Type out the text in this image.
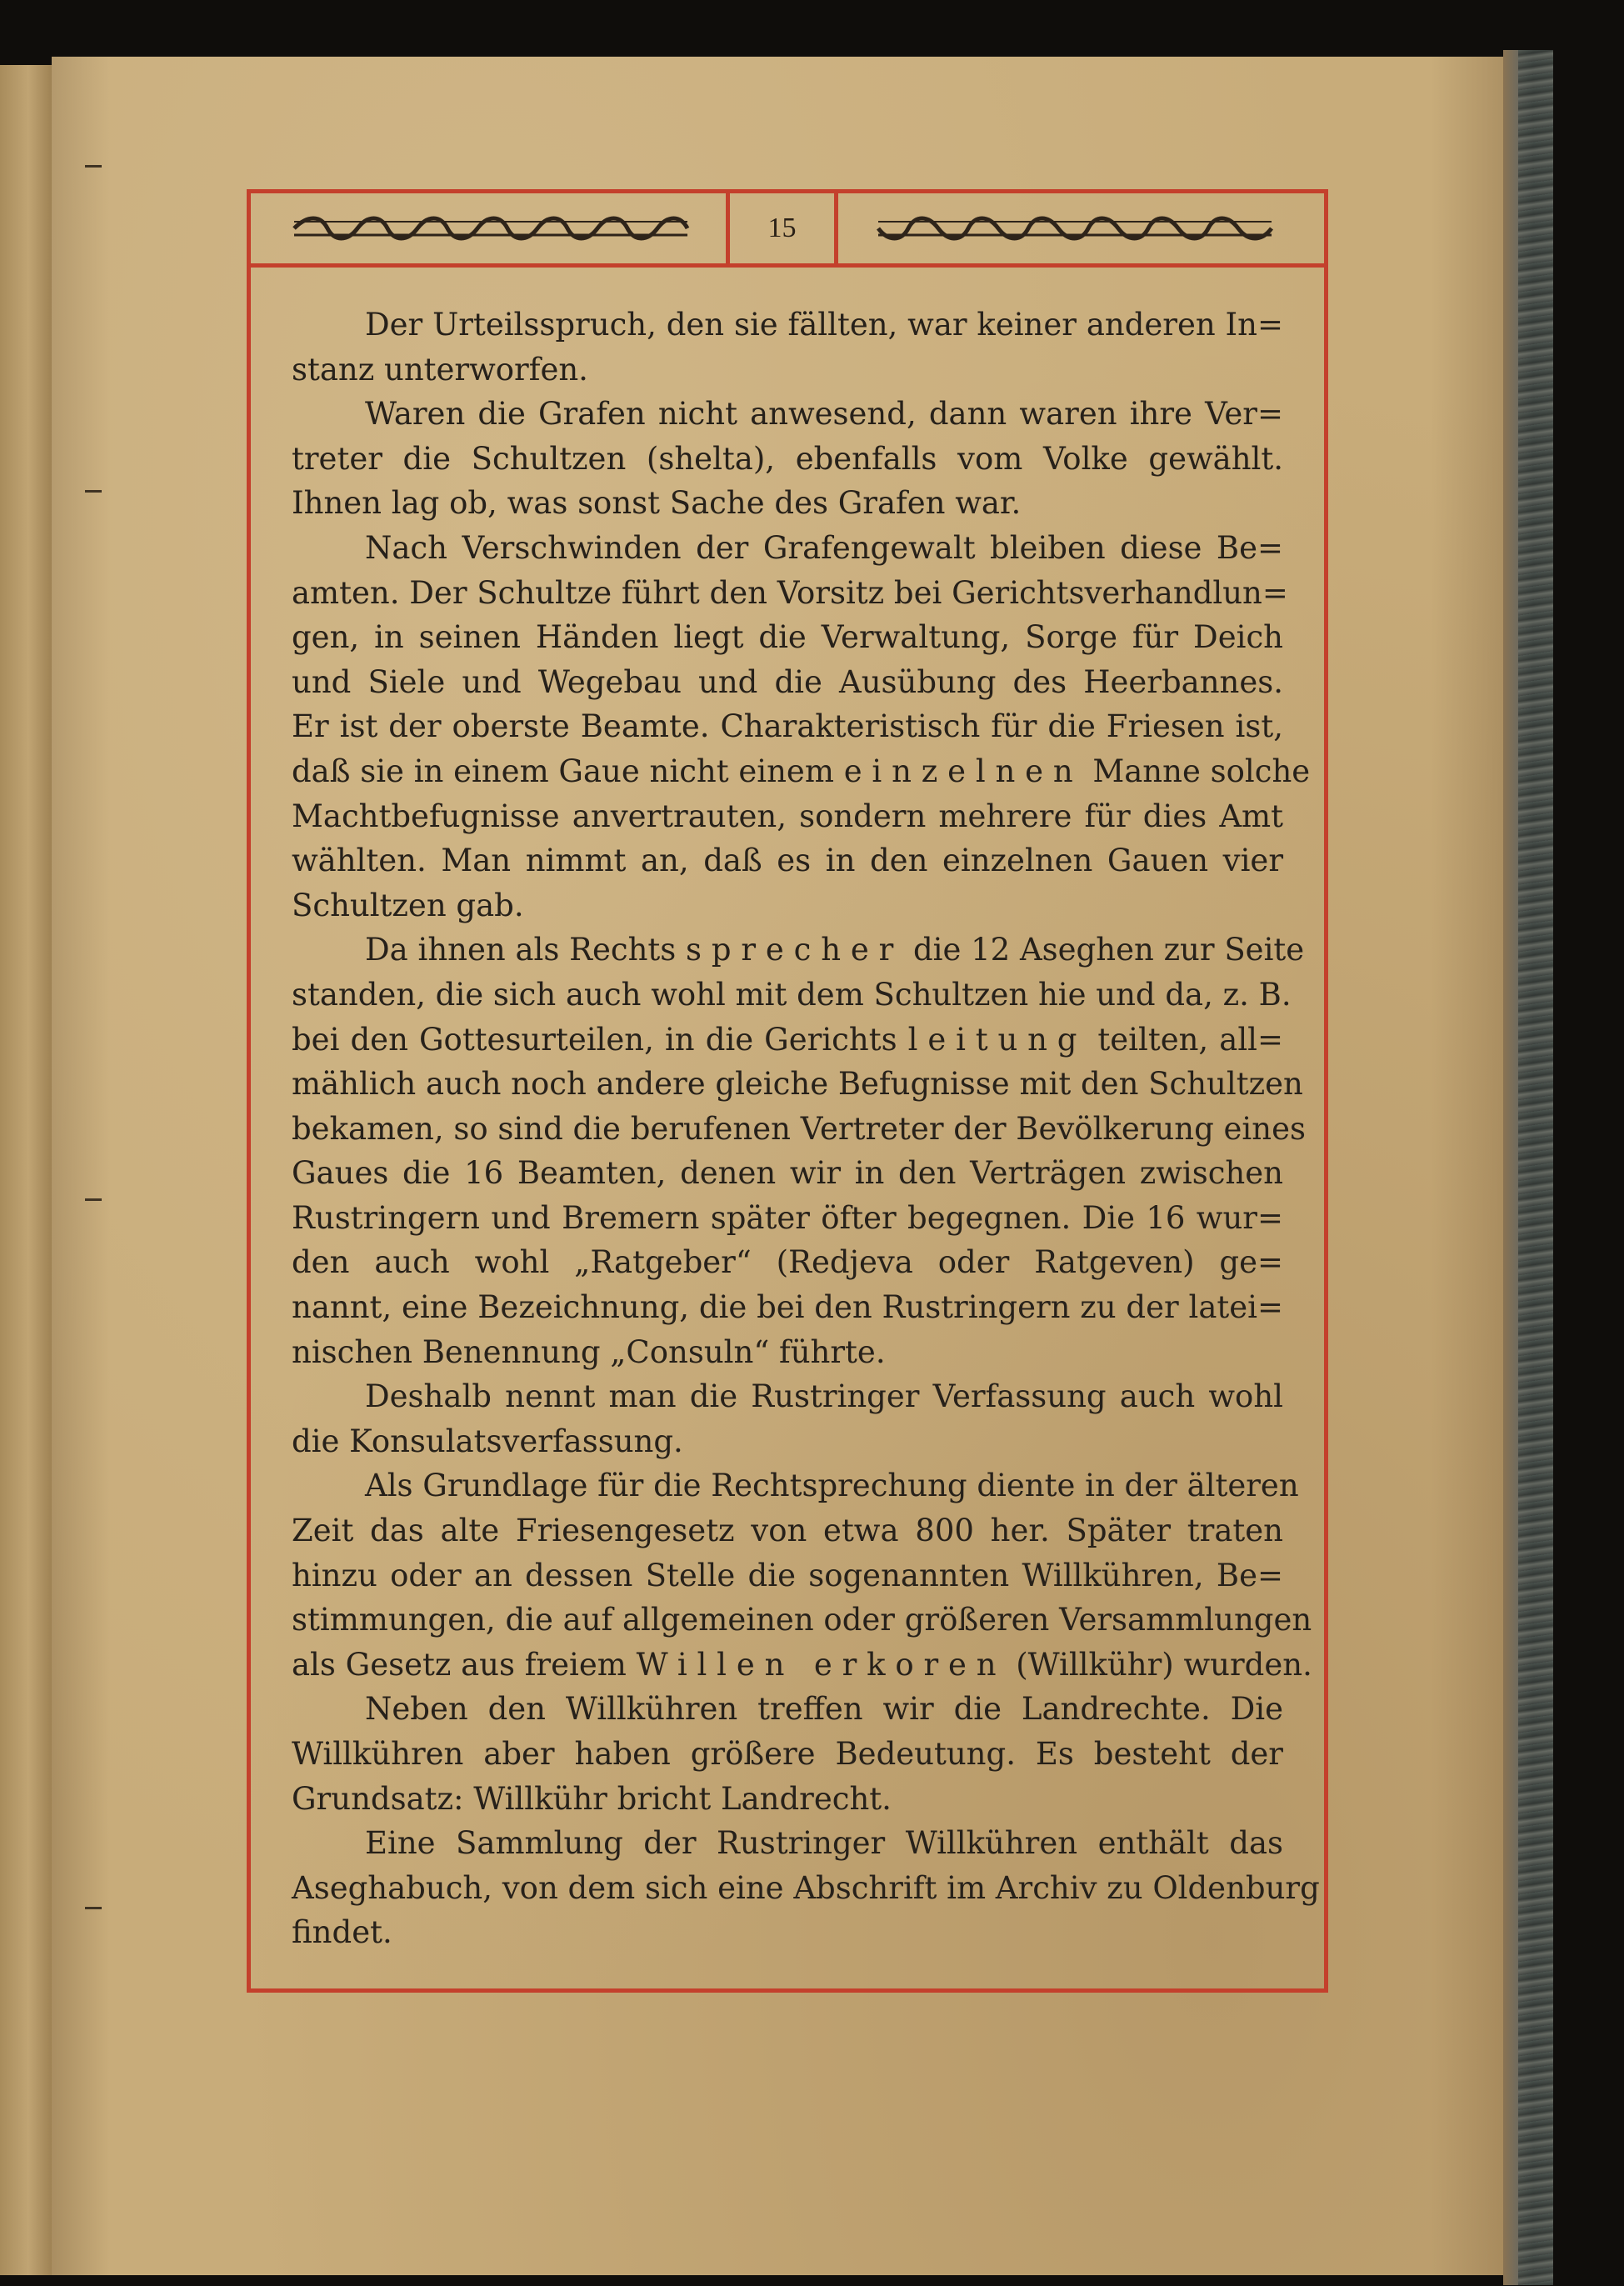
15
Der Urteilsspruch, den sie fällten, war keiner anderen In=
stanz unterworfen.
Waren die Grafen nicht anwesend, dann waren ihre Ver=
treter die Schultzen (shelta), ebenfalls vom Volke gewählt.
Ihnen lag ob, was sonst Sache des Grafen war.
Nach Verschwinden der Grafengewalt bleiben diese Be=
amten. Der Schultze führt den Vorsitz bei Gerichtsverhandlun=
gen, in seinen Händen liegt die Verwaltung, Sorge für Deich
und Siele und Wegebau und die Ausübung des Heerbannes.
Er ist der oberste Beamte. Charakteristisch für die Friesen ist,
daß sie in einem Gaue nicht einem einzelnen Manne solche
Machtbefugnisse anvertrauten, sondern mehrere für dies Amt
wählten. Man nimmt an, daß es in den einzelnen Gauen vier
Schultzen gab.
Da ihnen als Rechts sprecher die 12 Aseghen zur Seite
standen, die sich auch wohl mit dem Schultzen hie und da, z. B.
bei den Gottesurteilen, in die Gerichts leitung teilten, all=
mählich auch noch andere gleiche Befugnisse mit den Schultzen
bekamen, so sind die berufenen Vertreter der Bevölkerung eines
Gaues die 16 Beamten, denen wir in den Verträgen zwischen
Rustringern und Bremern später öfter begegnen. Die 16 wur=
den auch wohl „Ratgeber“ (Redjeva oder Ratgeven) ge=
nannt, eine Bezeichnung, die bei den Rustringern zu der latei=
nischen Benennung „Consuln“ führte.
Deshalb nennt man die Rustringer Verfassung auch wohl
die Konsulatsverfassung.
Als Grundlage für die Rechtsprechung diente in der älteren
Zeit das alte Friesengesetz von etwa 800 her. Später traten
hinzu oder an dessen Stelle die sogenannten Willkühren, Be=
stimmungen, die auf allgemeinen oder größeren Versammlungen
als Gesetz aus freiem Willen erkoren (Willkühr) wurden.
Neben den Willkühren treffen wir die Landrechte. Die
Willkühren aber haben größere Bedeutung. Es besteht der
Grundsatz: Willkühr bricht Landrecht.
Eine Sammlung der Rustringer Willkühren enthält das
Aseghabuch, von dem sich eine Abschrift im Archiv zu Oldenburg
findet.
